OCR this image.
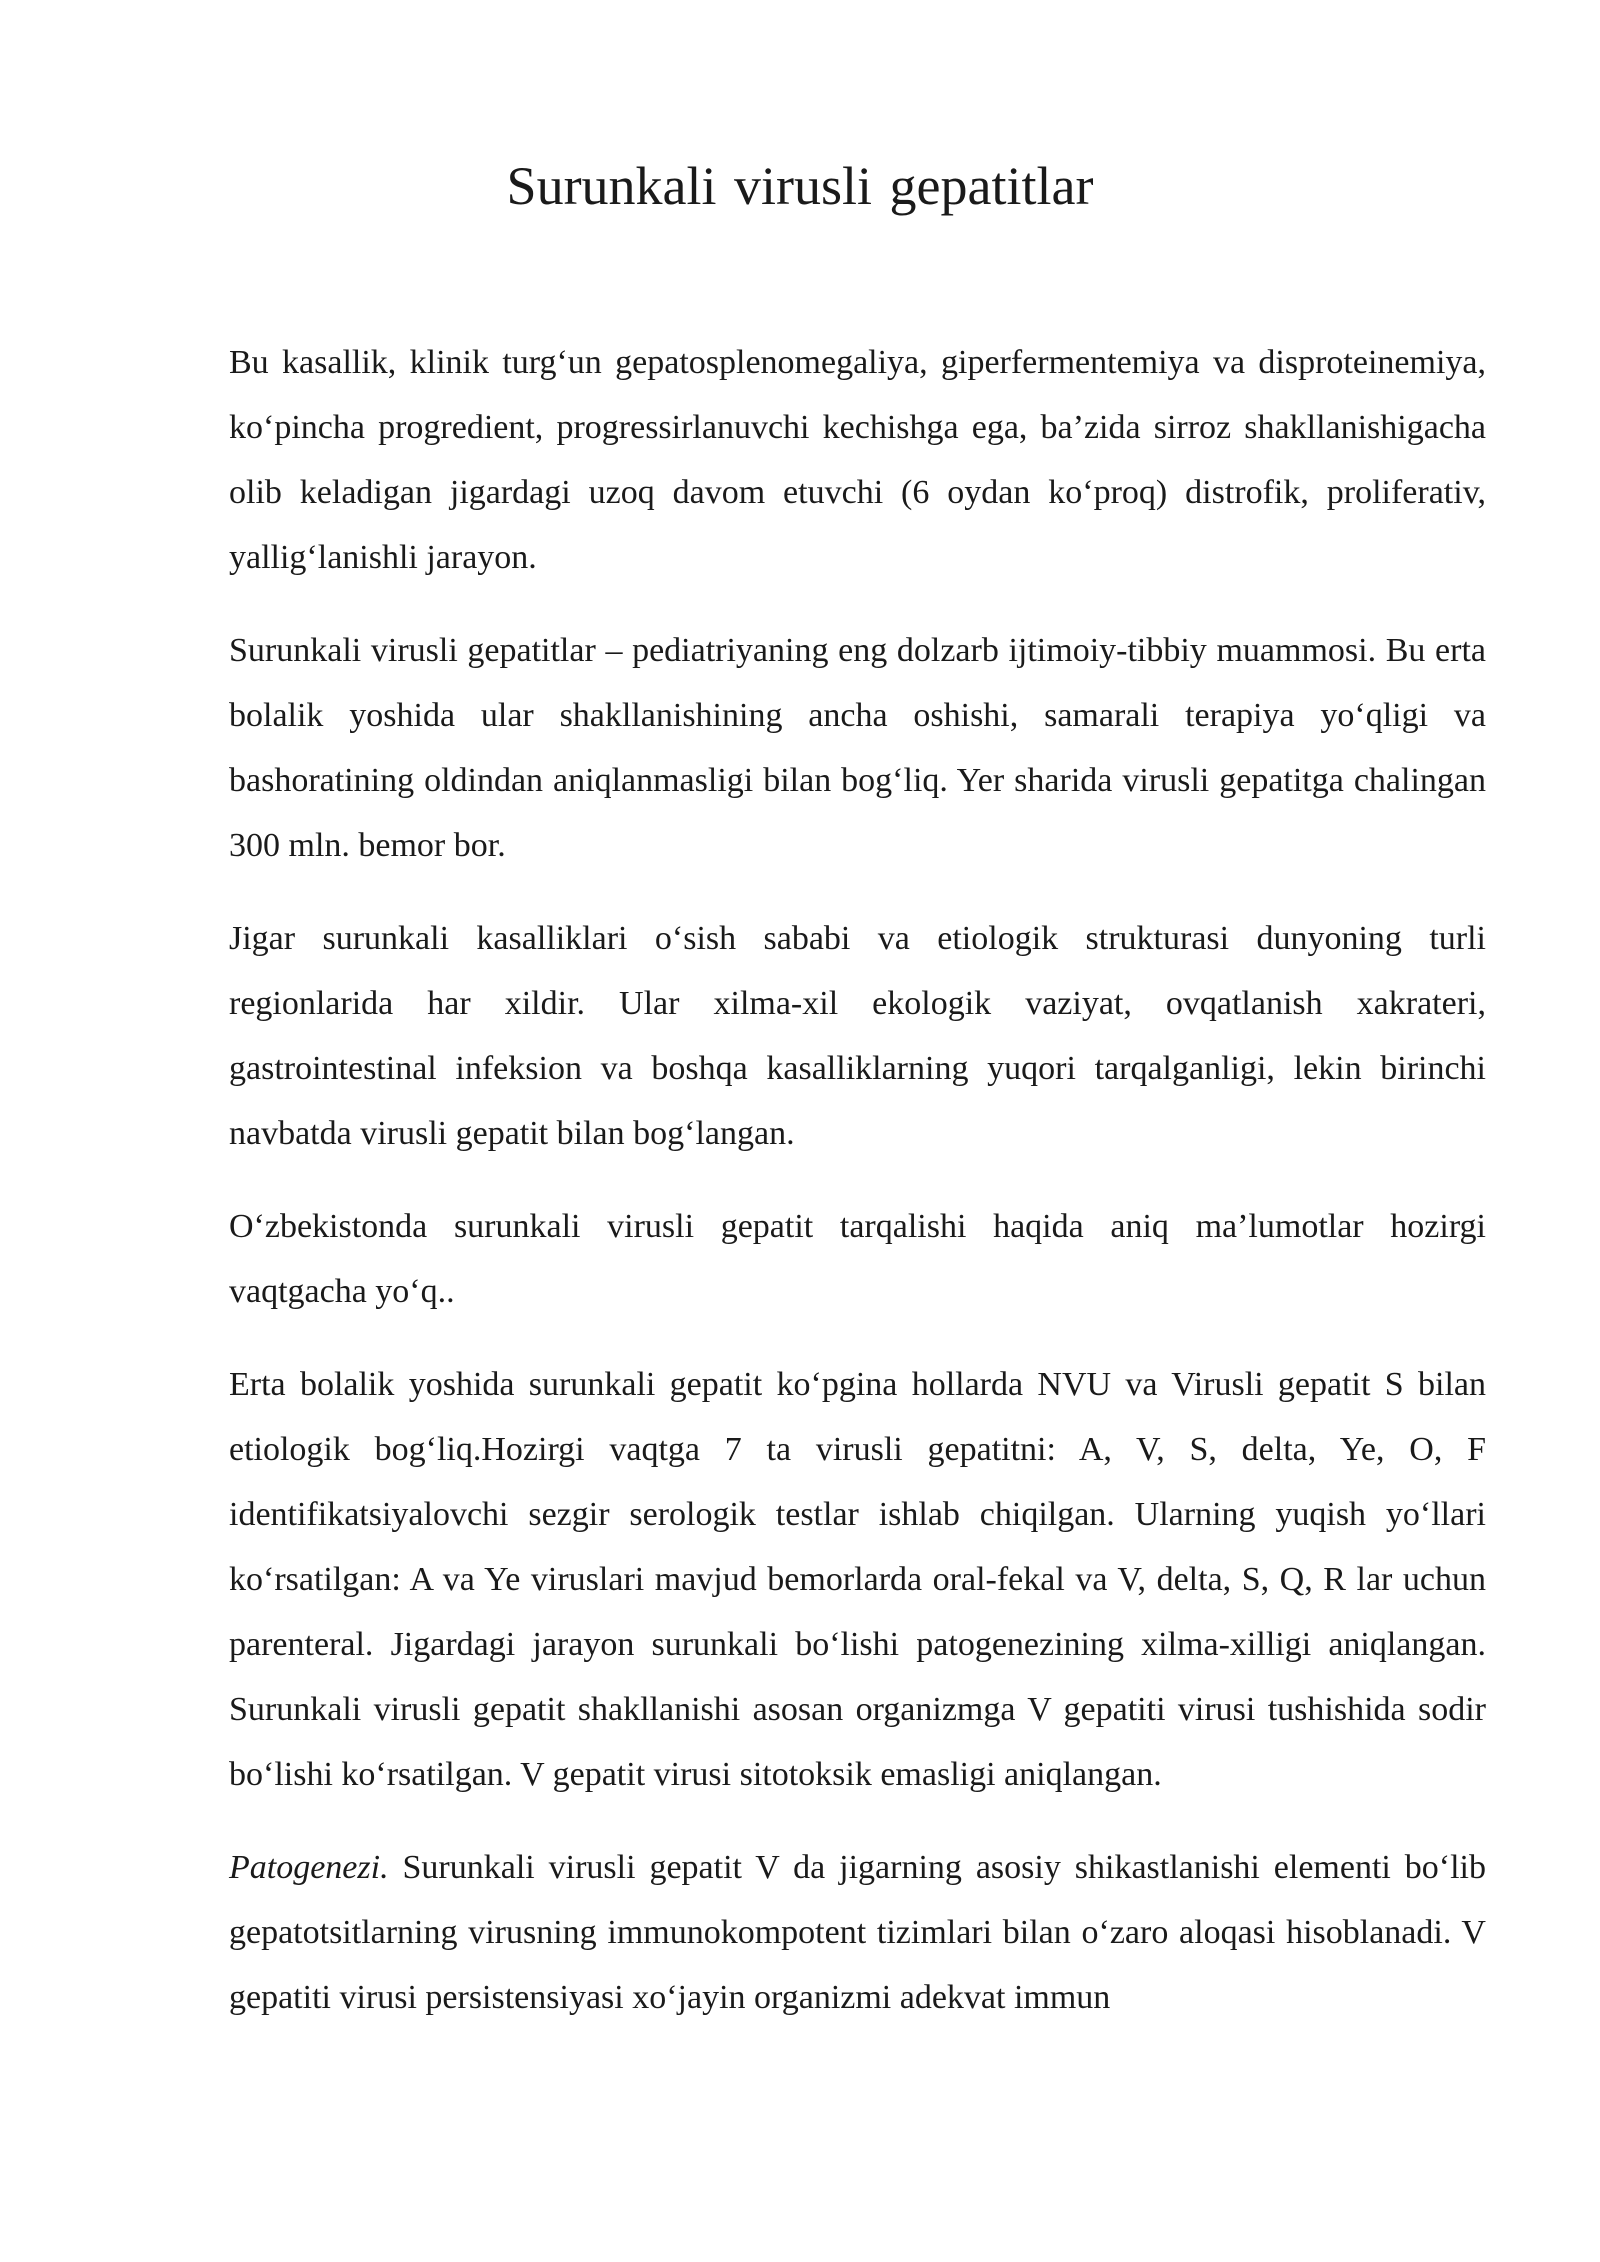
Surunkali virusli gepatitlar

Bu kasallik, klinik turg‘un gepatosplenomegaliya, giperfermentemiya va disproteinemiya, ko‘pincha progredient, progressirlanuvchi kechishga ega, ba’zida sirroz shakllanishigacha olib keladigan jigardagi uzoq davom etuvchi (6 oydan ko‘proq) distrofik, proliferativ, yallig‘lanishli jarayon.

Surunkali virusli gepatitlar – pediatriyaning eng dolzarb ijtimoiy-tibbiy muammosi. Bu erta bolalik yoshida ular shakllanishining ancha oshishi, samarali terapiya yo‘qligi va bashoratining oldindan aniqlanmasligi bilan bog‘liq. Yer sharida virusli gepatitga chalingan 300 mln. bemor bor.

Jigar surunkali kasalliklari o‘sish sababi va etiologik strukturasi dunyoning turli regionlarida har xildir. Ular xilma-xil ekologik vaziyat, ovqatlanish xakrateri, gastrointestinal infeksion va boshqa kasalliklarning yuqori tarqalganligi, lekin birinchi navbatda virusli gepatit bilan bog‘langan.

O‘zbekistonda surunkali virusli gepatit tarqalishi haqida aniq ma’lumotlar hozirgi vaqtgacha yo‘q..

Erta bolalik yoshida surunkali gepatit ko‘pgina hollarda NVU va Virusli gepatit S bilan etiologik bog‘liq.Hozirgi vaqtga 7 ta virusli gepatitni: A, V, S, delta, Ye, O, F identifikatsiyalovchi sezgir serologik testlar ishlab chiqilgan. Ularning yuqish yo‘llari ko‘rsatilgan: A va Ye viruslari mavjud bemorlarda oral-fekal va V, delta, S, Q, R lar uchun parenteral. Jigardagi jarayon surunkali bo‘lishi patogenezining xilma-xilligi aniqlangan. Surunkali virusli gepatit shakllanishi asosan organizmga V gepatiti virusi tushishida sodir bo‘lishi ko‘rsatilgan. V gepatit virusi sitotoksik emasligi aniqlangan.

Patogenezi. Surunkali virusli gepatit V da jigarning asosiy shikastlanishi elementi bo‘lib gepatotsitlarning virusning immunokompotent tizimlari bilan o‘zaro aloqasi hisoblanadi. V gepatiti virusi persistensiyasi xo‘jayin organizmi adekvat immun
